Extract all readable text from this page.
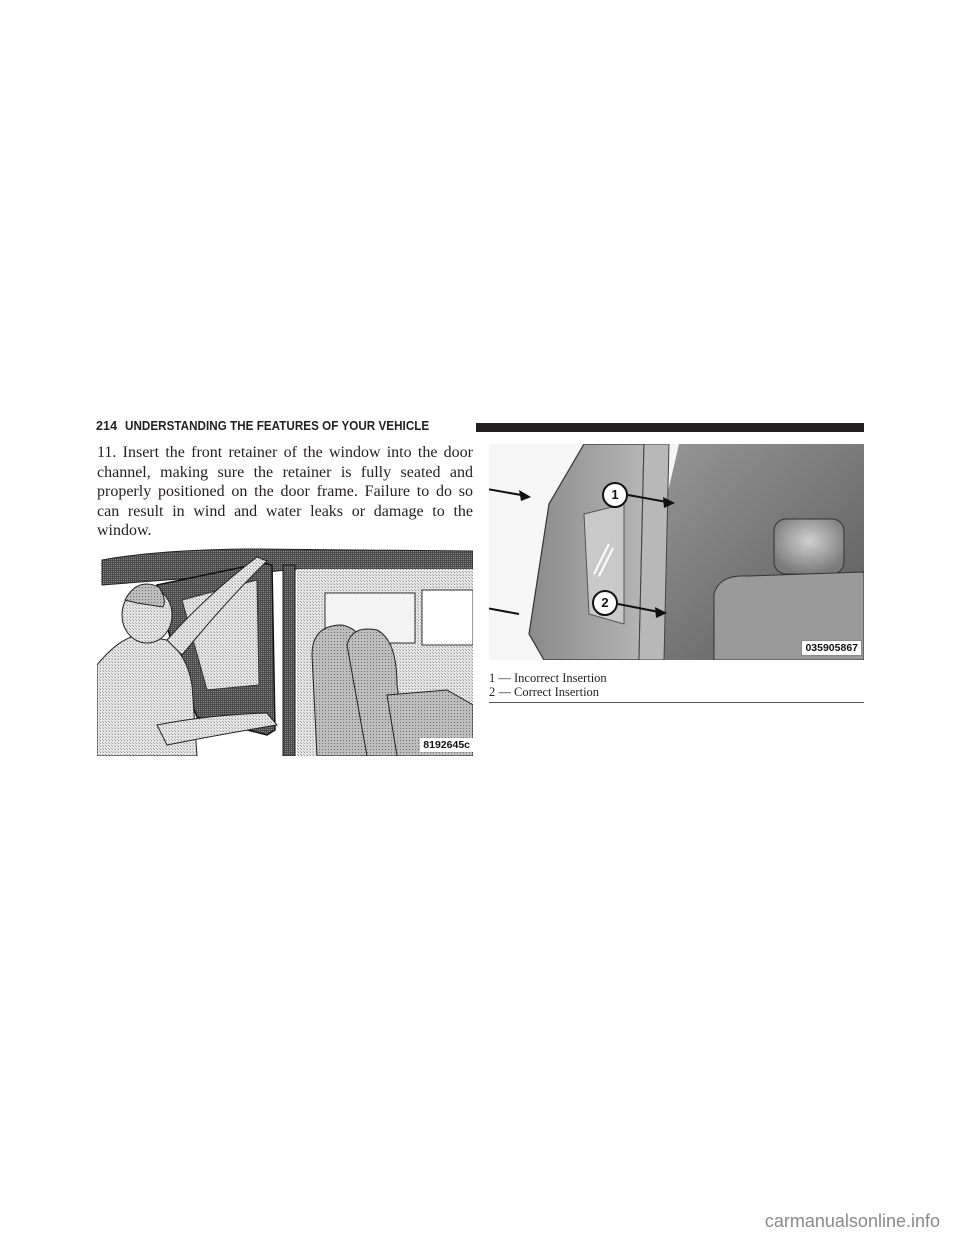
214 UNDERSTANDING THE FEATURES OF YOUR VEHICLE

11. Insert the front retainer of the window into the door channel, making sure the retainer is fully seated and properly positioned on the door frame. Failure to do so can result in wind and water leaks or damage to the window.

8192645c
1
2
035905867
1 — Incorrect Insertion
2 — Correct Insertion
carmanualsonline.info
